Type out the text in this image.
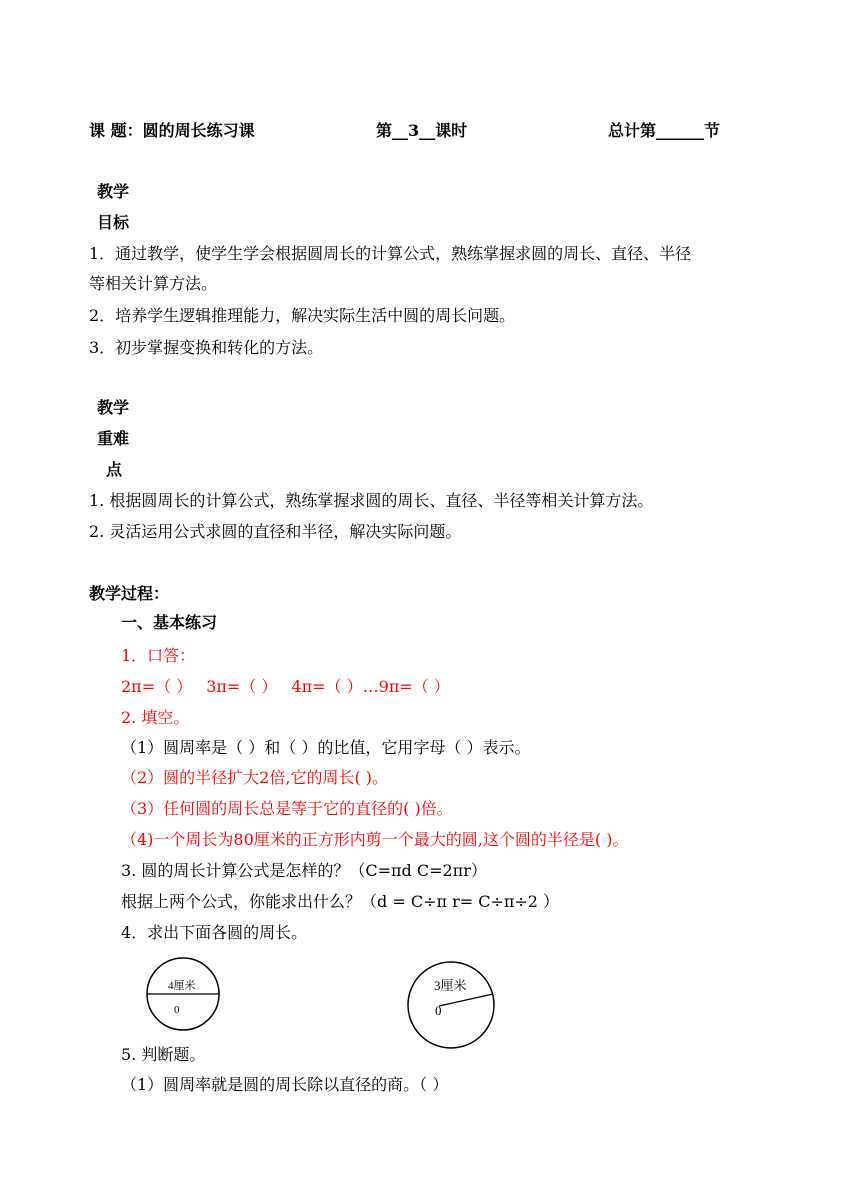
课 题：圆的周长练习课	第__3__课时	总计第______节
教学
目标
1．通过教学，使学生学会根据圆周长的计算公式，熟练掌握求圆的周长、直径、半径
等相关计算方法。
2．培养学生逻辑推理能力，解决实际生活中圆的周长问题。
3．初步掌握变换和转化的方法。
教学
重难
点
1. 根据圆周长的计算公式，熟练掌握求圆的周长、直径、半径等相关计算方法。
2. 灵活运用公式求圆的直径和半径，解决实际问题。
教学过程：
一、基本练习
1．口答：
2π=（ ） 3π=（ ） 4π=（ ）…9π=（ ）
2. 填空。
（1）圆周率是（ ）和（ ）的比值，它用字母（ ）表示。
（2）圆的半径扩大2倍,它的周长( )。
（3）任何圆的周长总是等于它的直径的( )倍。
（4)一个周长为80厘米的正方形内剪一个最大的圆,这个圆的半径是( )。
3. 圆的周长计算公式是怎样的？（C=πd C=2πr）
根据上两个公式，你能求出什么？（d = C÷π r= C÷π÷2 ）
4．求出下面各圆的周长。
4厘米
0
3厘米
0
5. 判断题。
（1）圆周率就是圆的周长除以直径的商。（ ）
